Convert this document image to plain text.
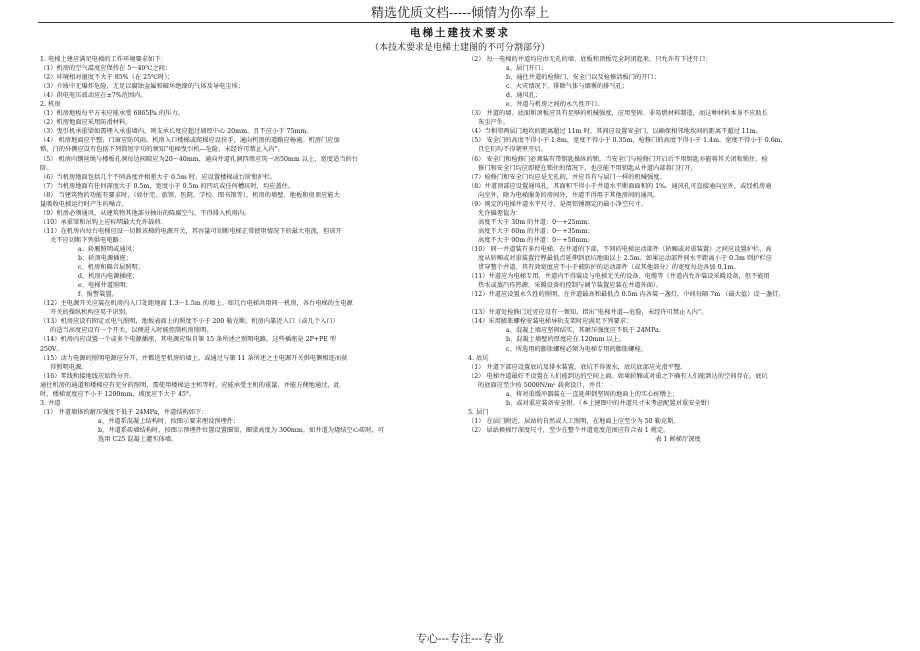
精选优质文档-----倾情为你奉上
电梯土建技术要求
（本技术要求是电梯土建图的不可分割部分）
1. 电梯土建应满足电梯的工作环境要求如下：
（1）机房的空气温度应保持在 5～40℃之间；
（2）环境相对湿度不大于 85%（在 25℃时）；
（3）介质中无爆炸危险，无足以腐蚀金属和破坏绝缘的气体及导电尘埃；
（4）供电电压波动应在±7%范围内。
2. 机房
（1）机房地板每平方米应能承受 6865Pa 的压力。
（2）机房地面应采用防滑材料。
（3）曳引机承重梁如需埋入承重墙内，则支承长度应超过墙厚中心 20mm，且不应小于 75mm。
（4） 机房地面应平整，门窗应防风雨。机房入口楼梯或爬梯应设扶手，通向机房的道路应畅通。机房门应加
锁，门的外侧应设有包括下列简短字句的须知“电梯曳引机—危险，未经许可禁止入内”。
（5） 机房内钢丝绳与楼板孔洞每边间隙应为20～40mm，通向井道孔洞四周应筑一高50mm 以上，宽度适当的台
阶。
（6）当机房地面包括几个不同高度并相差大于 0.5m 时，应设置楼梯或台阶和护栏。
（7）当机房地面有任何深度大于 0.5m，宽度小于 0.5m 的凹坑或任何槽坑时，均应盖住。
（8） 当建筑物的功能有要求时，（如住宅、旅馆、医院、学校、图书馆等），机房的墙壁、地板和房顶应能大
量吸收电梯运行时产生的噪音。
（9）机房必须通风，从建筑物其他部分抽出的陈腐空气，不得排入机房内。
（10）承重梁和吊钩上应标明最大允许载荷。
（11）在机房内每台电梯应设一切断该梯的电源开关，其容量可切断电梯正常使用情况下的最大电流，但该开
关不应切断下列供电电路：
a、轿厢照明或通风；
b、轿顶电源插座；
c、机房和隔音层照明；
d、机房内电源插座；
e、电梯井道照明；
f、报警装置。
（12）主电源开关应装在机房内入口处距地面 1.3～1.5m 的墙上。如几台电梯共用同一机房，各台电梯的主电源
开关的操纵机构应易于识别。
（13）机房应设有固定式电气照明，地板表面上的照度不小于 200 勒克斯。机房内靠近入口（或几个入口）
的适当高度应设有一个开关，以便进入时能控制机房照明。
（14）机房内应设置一个或多个电源插座，其电源应取自第 15 条所述之照明电路，这些插座是 2P+PE 型
250V。
（15）动力电源的照明电源应分开，并都送至机房的墙上，或通过与第 11 条所述之主电源开关供电侧相连而获
得照明电源。
（16）零线和接地线应始终分开。
通往机房的通道和楼梯应有充分的照明，需使用楼梯运主机等时，应能承受主机的重量，并能方便地通过，此
时，楼梯宽度应不小于 1200mm，坡度应不大于 45°。
3. 井道
（1） 井道墙体的耐压强度不低于 24MPa，井道结构如下：
a、井道系混凝土结构时，按图示要求埋设预埋件；
b、井道系砖墙结构时，按图示预埋件位置设置圈梁，圈梁高度为 300mm。如井道为烧结空心砖时，可
选用 C25 混凝土灌实体墙。
（2） 每一电梯的井道均应由无孔的墙、底板和顶板完全封闭起来，只允许有下述开口：
a、层门开口；
b、通往井道的检修门、安全门以及检修活板门的开口；
c、火灾情况下，排除气体与烟雾的排气孔；
d、通风孔；
e、井道与机房之间的永久性开口。
（3） 井道的墙、底面和顶板应具有足够的机械强度，应用坚固、非易燃材料制造，而这种材料本身不应助长
灰尘产生。
（4）当相邻两层门地坎的距离超过 11m 时，其间应设置安全门，以确保相邻地坎间的距离不超过 11m。
（5） 安全门的高度不得小于 1.8m，宽度不得小于 0.35m，检修门的高度不得小于 1.4m，宽度不得小于 0.6m，
且它们均不得朝里开启。
（6） 安全门和检修门必须装有带钥匙操纵的锁，当安全门与检修门开启后不用钥匙亦能将其关闭和锁住。检
修门和安全门均应即使在锁住的情况下，也应能不用钥匙从井道内部将门打开。
（7）检修门和安全门均应是无孔的，并应具有与层门一样的机械强度。
（8）井道顶部应设置通风孔，其面积不得小于井道水平断面面积的 1%。通风孔可直接通向室外，或经机房通
向室外，除为电梯服务的房间外，井道不得用于其他房间的通风。
（9）规定的电梯井道水平尺寸，是用铅锤测定的最小净空尺寸。
允许偏差值为：
高度不大于 30m 的井道：0～+25mm；
高度不大于 60m 的井道：0～+35mm；
高度不大于 90m 的井道：0～+50mm；
（10） 同一井道装有多台电梯，在井道的下部，不同的电梯运动部件（轿厢或对重装置）之间应设置护栏，高
度从轿厢或对重装置行程最低点延伸到底坑地面以上 2.5m。如果运动部件间水平距离小于 0.3m 则护栏应
贯穿整个井道。其有效宽度应不小于被防护的运动部件（或其他部分）的宽度每边各加 0.1m。
（11）井道应为电梯专用，井道内不得装设与电梯无关的设备、电缆等（井道内允许装设采暖设备，但不能用
热水或蒸汽作热源，采暖设备的控制与调节装置应装在井道外面）。
（12）井道应设置永久性的照明，在井道最高和最低点 0.5m 内各装一盏灯，中间每隔 7m （最大值）设一盏灯。

（13）井道处检修门近旁应设有一须知，指出“电梯井道—危险，未经许可禁止入内”。
（14）采用膨胀螺栓安装电梯导轨支架时应满足下列要求：
a、混凝土墙应坚固结实，其耐压强度应不低于 24MPa。
b、混凝土墙壁的厚度应在 120mm 以上。
c、所选用的膨胀螺栓必须为电梯专用的膨胀螺栓。
4. 底坑
（1） 井道下部应设置底坑及排水装置，底坑不得渗水，底坑底部应光滑平整。
（2） 电梯井道最好不设置在人们能到达的空间上面。如果轿厢或对重之下确有人们能到达的空间存在，底坑
的底面应至少按 5000N/m² 载荷设计，并且：
a、将对重缓冲器装在一直延伸到坚固的地面上的实心桩墩上；
b、或对重应装备安全钳。（本土建图中的井道尺寸未考虑配置对重安全钳）
5. 层门
（1） 在层门附近，层站的自然或人工照明，在地面上应至少为 50 勒克斯。
（2） 层站候梯厅深度尺寸，至少在整个井道宽度范围应符合表 1 规定。
表 1 候梯厅深度
专心---专注---专业
